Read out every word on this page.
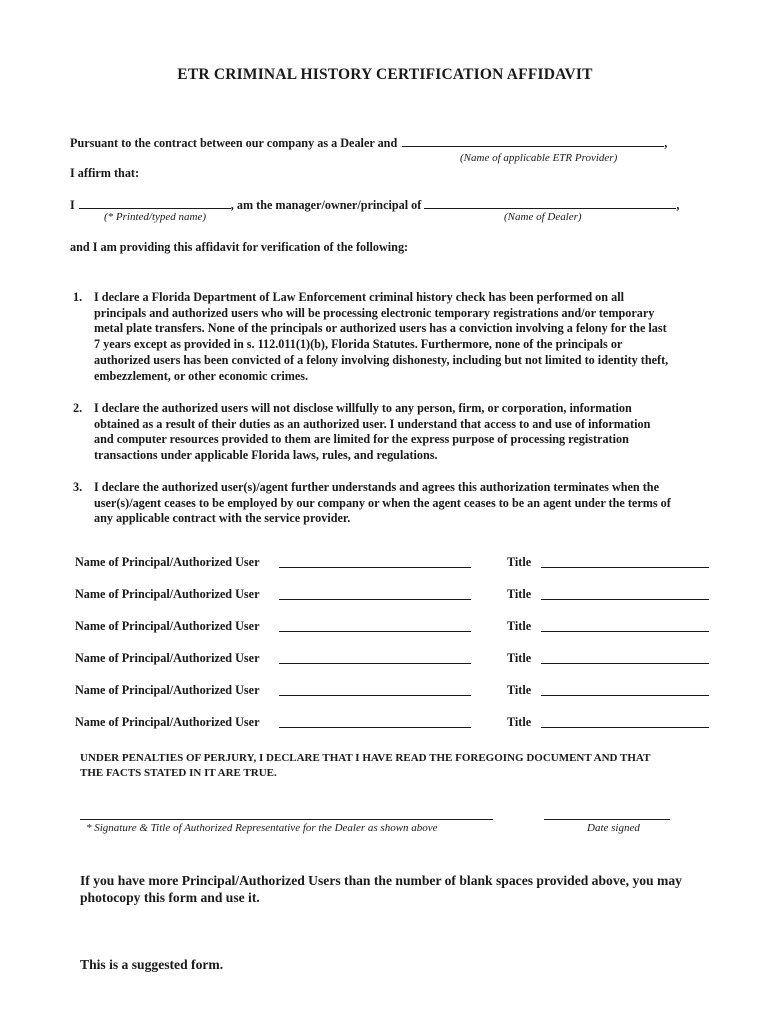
ETR CRIMINAL HISTORY CERTIFICATION AFFIDAVIT
Pursuant to the contract between our company as a Dealer and	,
(Name of applicable ETR Provider)
I affirm that:
I	, am the manager/owner/principal of	,
(* Printed/typed name)	(Name of Dealer)
and I am providing this affidavit for verification of the following:
1. I declare a Florida Department of Law Enforcement criminal history check has been performed on all
principals and authorized users who will be processing electronic temporary registrations and/or temporary
metal plate transfers. None of the principals or authorized users has a conviction involving a felony for the last
7 years except as provided in s. 112.011(1)(b), Florida Statutes. Furthermore, none of the principals or
authorized users has been convicted of a felony involving dishonesty, including but not limited to identity theft,
embezzlement, or other economic crimes.
2. I declare the authorized users will not disclose willfully to any person, firm, or corporation, information
obtained as a result of their duties as an authorized user. I understand that access to and use of information
and computer resources provided to them are limited for the express purpose of processing registration
transactions under applicable Florida laws, rules, and regulations.
3. I declare the authorized user(s)/agent further understands and agrees this authorization terminates when the
user(s)/agent ceases to be employed by our company or when the agent ceases to be an agent under the terms of
any applicable contract with the service provider.
Name of Principal/Authorized User	Title
Name of Principal/Authorized User	Title
Name of Principal/Authorized User	Title
Name of Principal/Authorized User	Title
Name of Principal/Authorized User	Title
Name of Principal/Authorized User	Title
UNDER PENALTIES OF PERJURY, I DECLARE THAT I HAVE READ THE FOREGOING DOCUMENT AND THAT
THE FACTS STATED IN IT ARE TRUE.
* Signature & Title of Authorized Representative for the Dealer as shown above	Date signed
If you have more Principal/Authorized Users than the number of blank spaces provided above, you may
photocopy this form and use it.
This is a suggested form.
